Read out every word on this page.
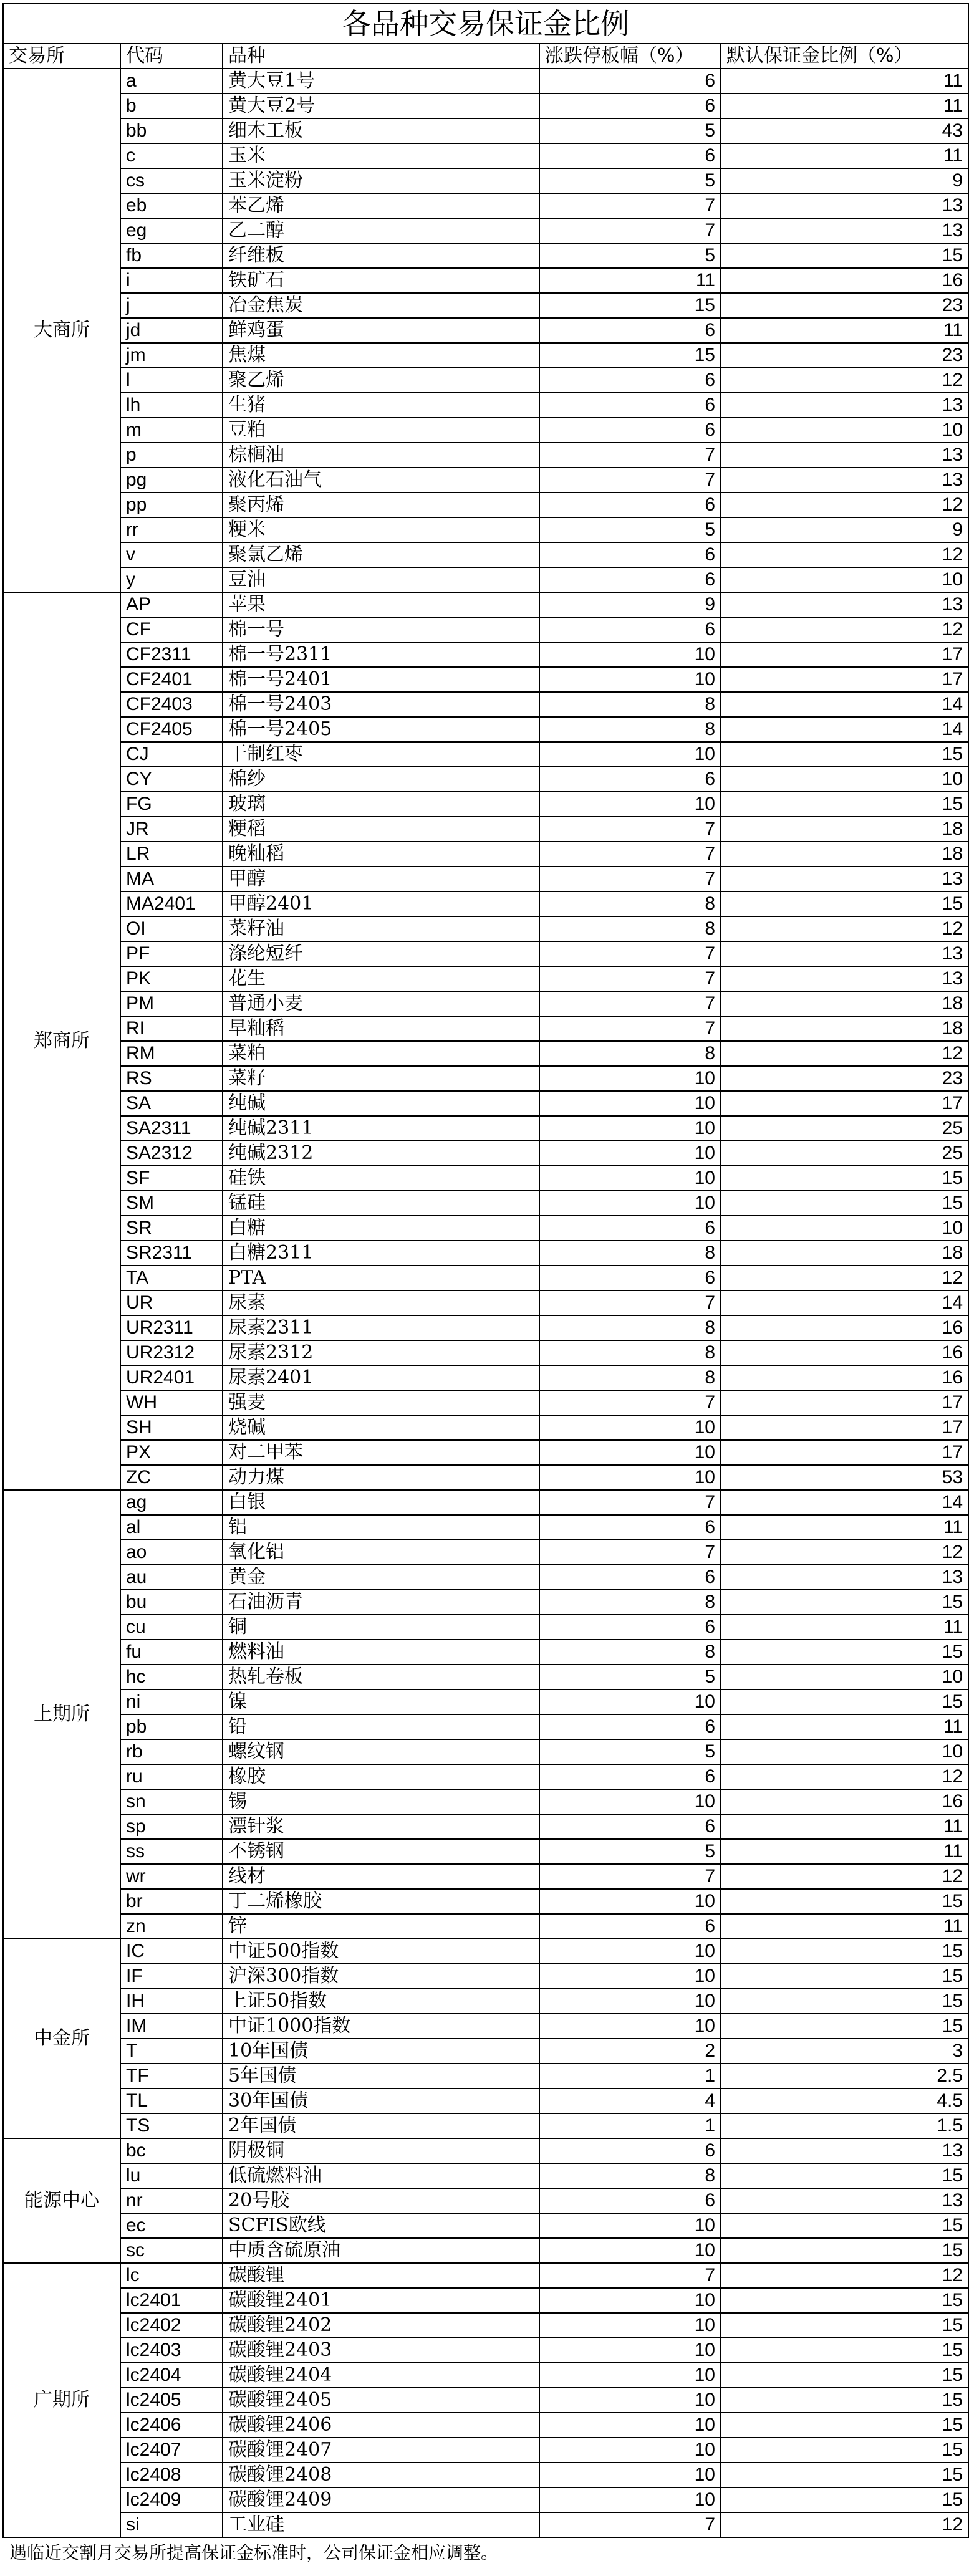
各品种交易保证金比例				
交易所	代码	品种	涨跌停板幅（%）	默认保证金比例（%）
大商所	a	黄大豆1号	6	11
	b	黄大豆2号	6	11
	bb	细木工板	5	43
	c	玉米	6	11
	cs	玉米淀粉	5	9
	eb	苯乙烯	7	13
	eg	乙二醇	7	13
	fb	纤维板	5	15
	i	铁矿石	11	16
	j	冶金焦炭	15	23
	jd	鲜鸡蛋	6	11
	jm	焦煤	15	23
	l	聚乙烯	6	12
	lh	生猪	6	13
	m	豆粕	6	10
	p	棕榈油	7	13
	pg	液化石油气	7	13
	pp	聚丙烯	6	12
	rr	粳米	5	9
	v	聚氯乙烯	6	12
	y	豆油	6	10
郑商所	AP	苹果	9	13
	CF	棉一号	6	12
	CF2311	棉一号2311	10	17
	CF2401	棉一号2401	10	17
	CF2403	棉一号2403	8	14
	CF2405	棉一号2405	8	14
	CJ	干制红枣	10	15
	CY	棉纱	6	10
	FG	玻璃	10	15
	JR	粳稻	7	18
	LR	晚籼稻	7	18
	MA	甲醇	7	13
	MA2401	甲醇2401	8	15
	OI	菜籽油	8	12
	PF	涤纶短纤	7	13
	PK	花生	7	13
	PM	普通小麦	7	18
	RI	早籼稻	7	18
	RM	菜粕	8	12
	RS	菜籽	10	23
	SA	纯碱	10	17
	SA2311	纯碱2311	10	25
	SA2312	纯碱2312	10	25
	SF	硅铁	10	15
	SM	锰硅	10	15
	SR	白糖	6	10
	SR2311	白糖2311	8	18
	TA	PTA	6	12
	UR	尿素	7	14
	UR2311	尿素2311	8	16
	UR2312	尿素2312	8	16
	UR2401	尿素2401	8	16
	WH	强麦	7	17
	SH	烧碱	10	17
	PX	对二甲苯	10	17
	ZC	动力煤	10	53
上期所	ag	白银	7	14
	al	铝	6	11
	ao	氧化铝	7	12
	au	黄金	6	13
	bu	石油沥青	8	15
	cu	铜	6	11
	fu	燃料油	8	15
	hc	热轧卷板	5	10
	ni	镍	10	15
	pb	铅	6	11
	rb	螺纹钢	5	10
	ru	橡胶	6	12
	sn	锡	10	16
	sp	漂针浆	6	11
	ss	不锈钢	5	11
	wr	线材	7	12
	br	丁二烯橡胶	10	15
	zn	锌	6	11
中金所	IC	中证500指数	10	15
	IF	沪深300指数	10	15
	IH	上证50指数	10	15
	IM	中证1000指数	10	15
	T	10年国债	2	3
	TF	5年国债	1	2.5
	TL	30年国债	4	4.5
	TS	2年国债	1	1.5
能源中心	bc	阴极铜	6	13
	lu	低硫燃料油	8	15
	nr	20号胶	6	13
	ec	SCFIS欧线	10	15
	sc	中质含硫原油	10	15
广期所	lc	碳酸锂	7	12
	lc2401	碳酸锂2401	10	15
	lc2402	碳酸锂2402	10	15
	lc2403	碳酸锂2403	10	15
	lc2404	碳酸锂2404	10	15
	lc2405	碳酸锂2405	10	15
	lc2406	碳酸锂2406	10	15
	lc2407	碳酸锂2407	10	15
	lc2408	碳酸锂2408	10	15
	lc2409	碳酸锂2409	10	15
	si	工业硅	7	12
遇临近交割月交易所提高保证金标准时，公司保证金相应调整。				
